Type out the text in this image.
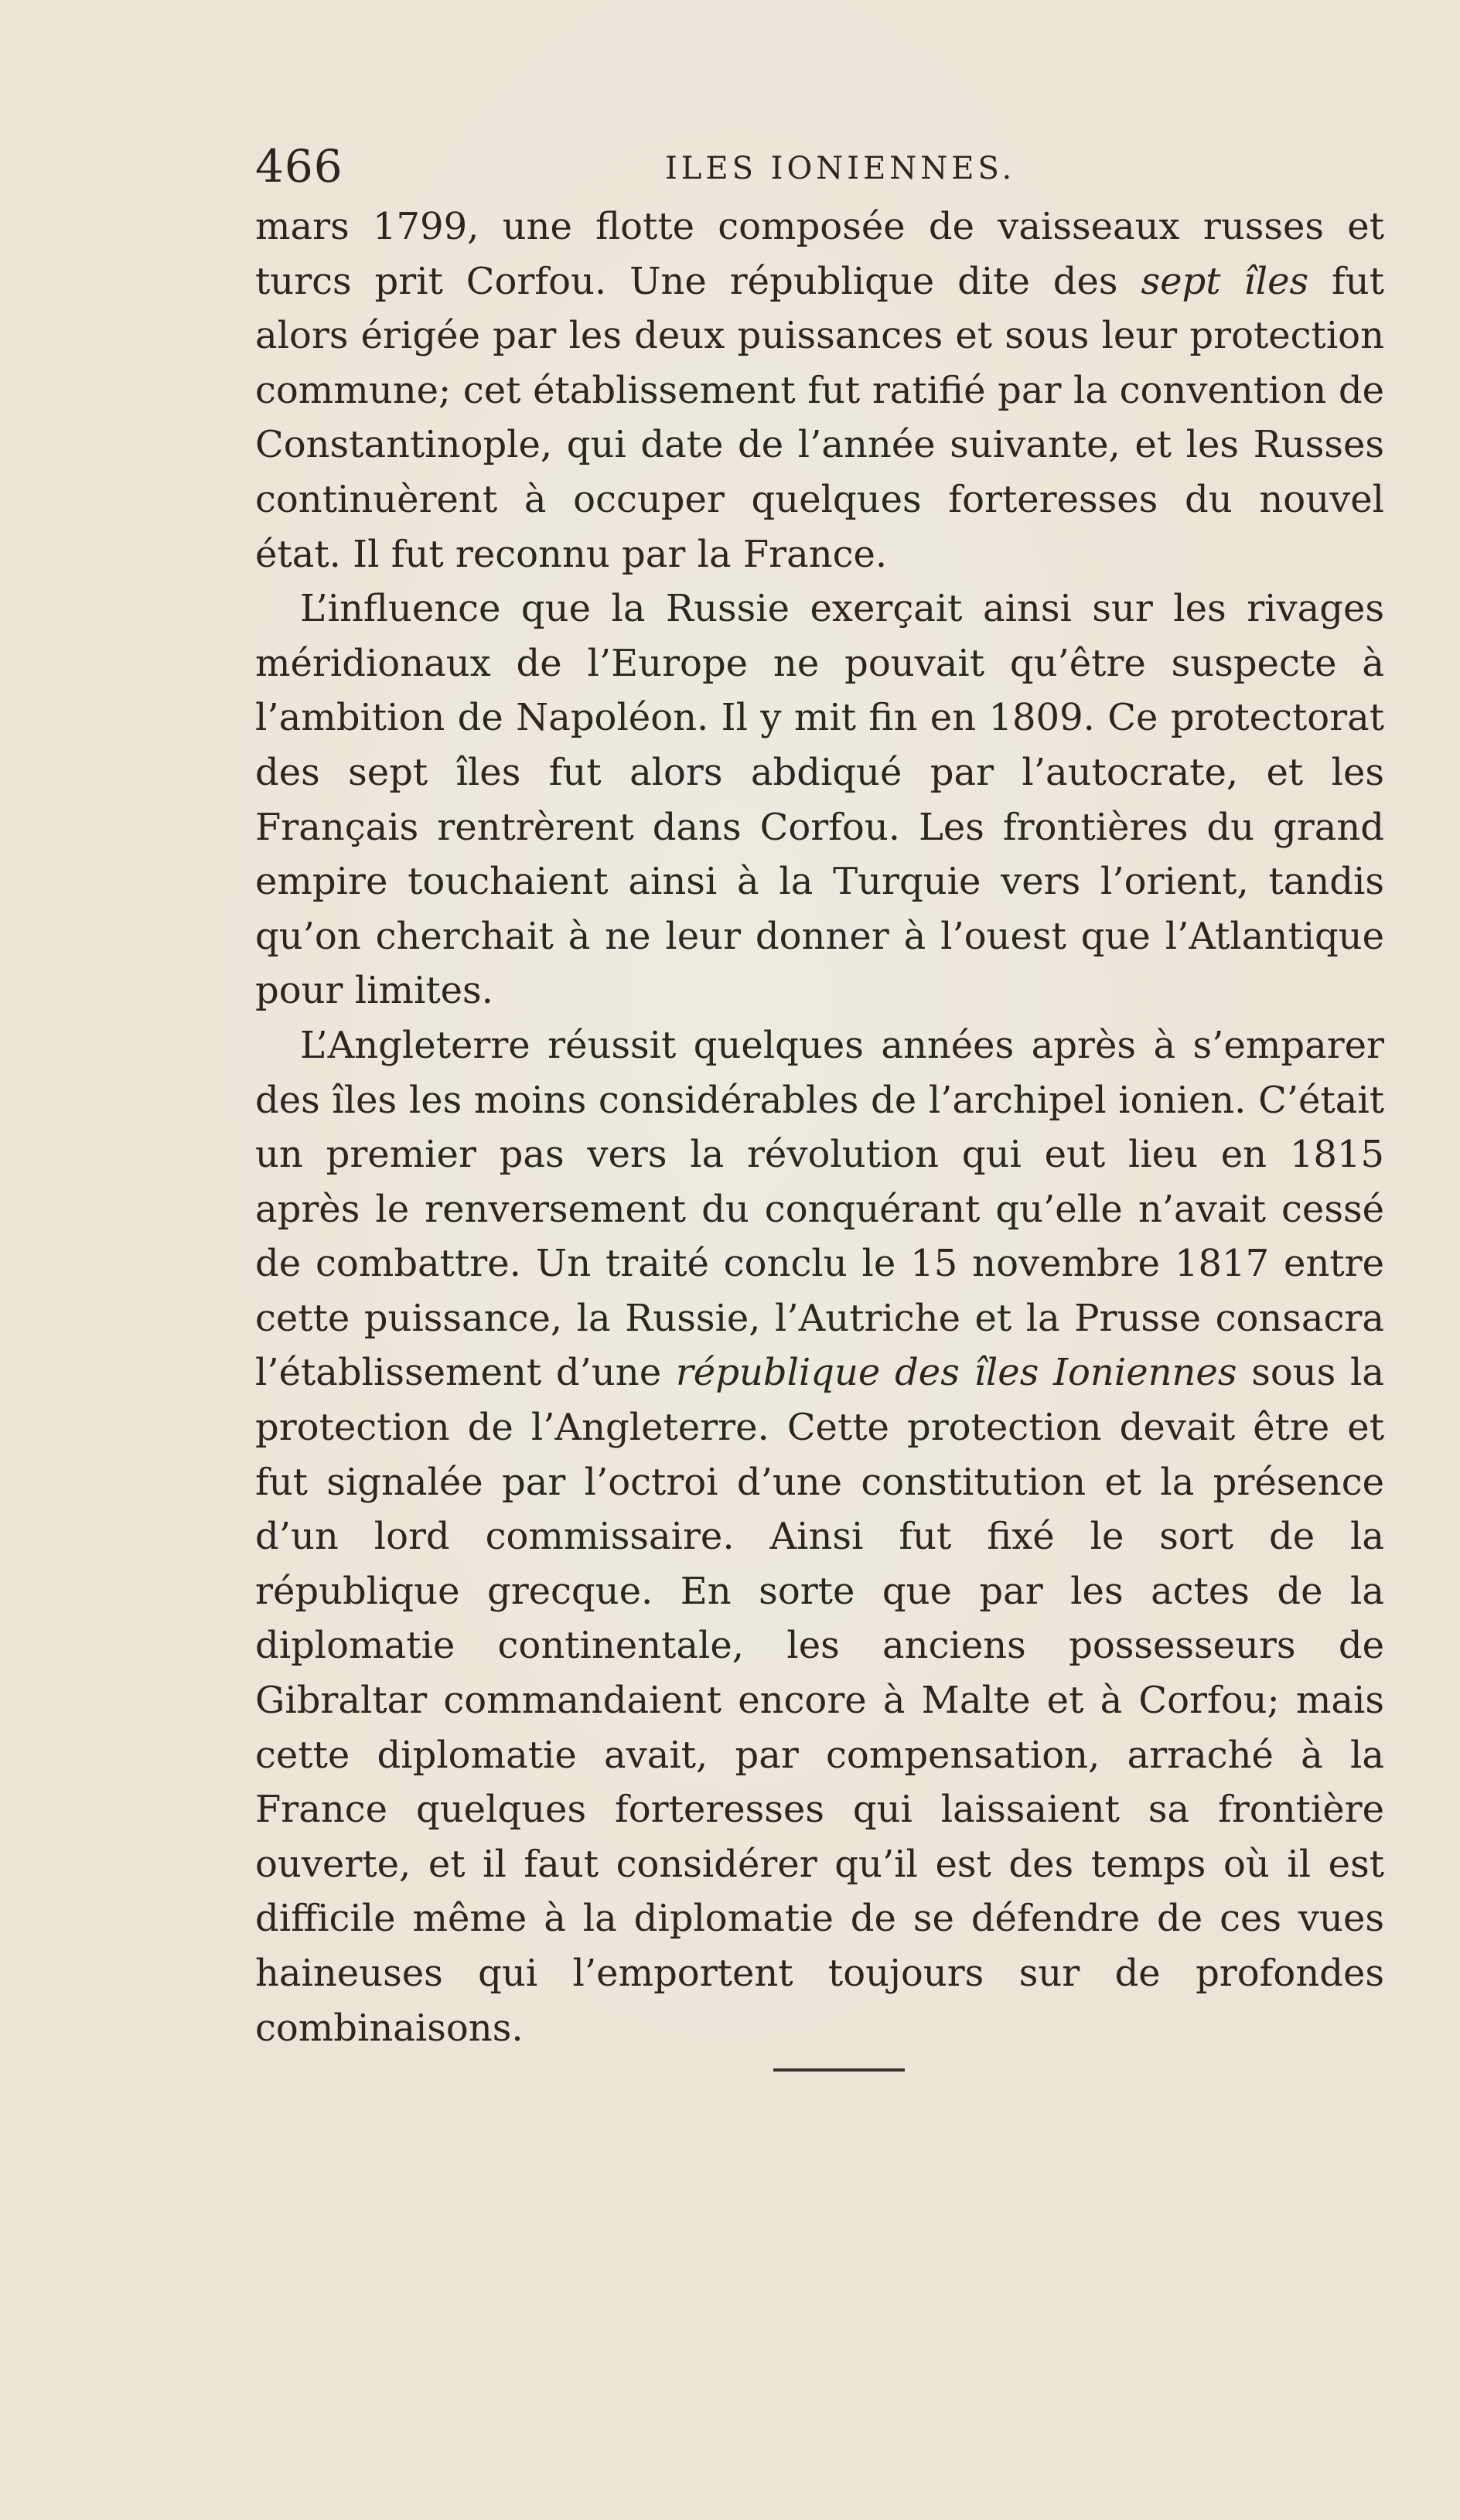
466	ILES IONIENNES.

mars 1799, une flotte composée de vaisseaux russes et turcs prit Corfou. Une république dite des sept îles fut alors érigée par les deux puissances et sous leur protection commune; cet établissement fut ratifié par la convention de Constantinople, qui date de l’année suivante, et les Russes continuèrent à occuper quelques forteresses du nouvel état. Il fut reconnu par la France.

L’influence que la Russie exerçait ainsi sur les rivages méridionaux de l’Europe ne pouvait qu’être suspecte à l’ambition de Napoléon. Il y mit fin en 1809. Ce protectorat des sept îles fut alors abdiqué par l’autocrate, et les Français rentrèrent dans Corfou. Les frontières du grand empire touchaient ainsi à la Turquie vers l’orient, tandis qu’on cherchait à ne leur donner à l’ouest que l’Atlantique pour limites.

L’Angleterre réussit quelques années après à s’emparer des îles les moins considérables de l’archipel ionien. C’était un premier pas vers la révolution qui eut lieu en 1815 après le renversement du conquérant qu’elle n’avait cessé de combattre. Un traité conclu le 15 novembre 1817 entre cette puissance, la Russie, l’Autriche et la Prusse consacra l’établissement d’une république des îles Ioniennes sous la protection de l’Angleterre. Cette protection devait être et fut signalée par l’octroi d’une constitution et la présence d’un lord commissaire. Ainsi fut fixé le sort de la république grecque. En sorte que par les actes de la diplomatie continentale, les anciens possesseurs de Gibraltar commandaient encore à Malte et à Corfou; mais cette diplomatie avait, par compensation, arraché à la France quelques forteresses qui laissaient sa frontière ouverte, et il faut considérer qu’il est des temps où il est difficile même à la diplomatie de se défendre de ces vues haineuses qui l’emportent toujours sur de profondes combinaisons.
